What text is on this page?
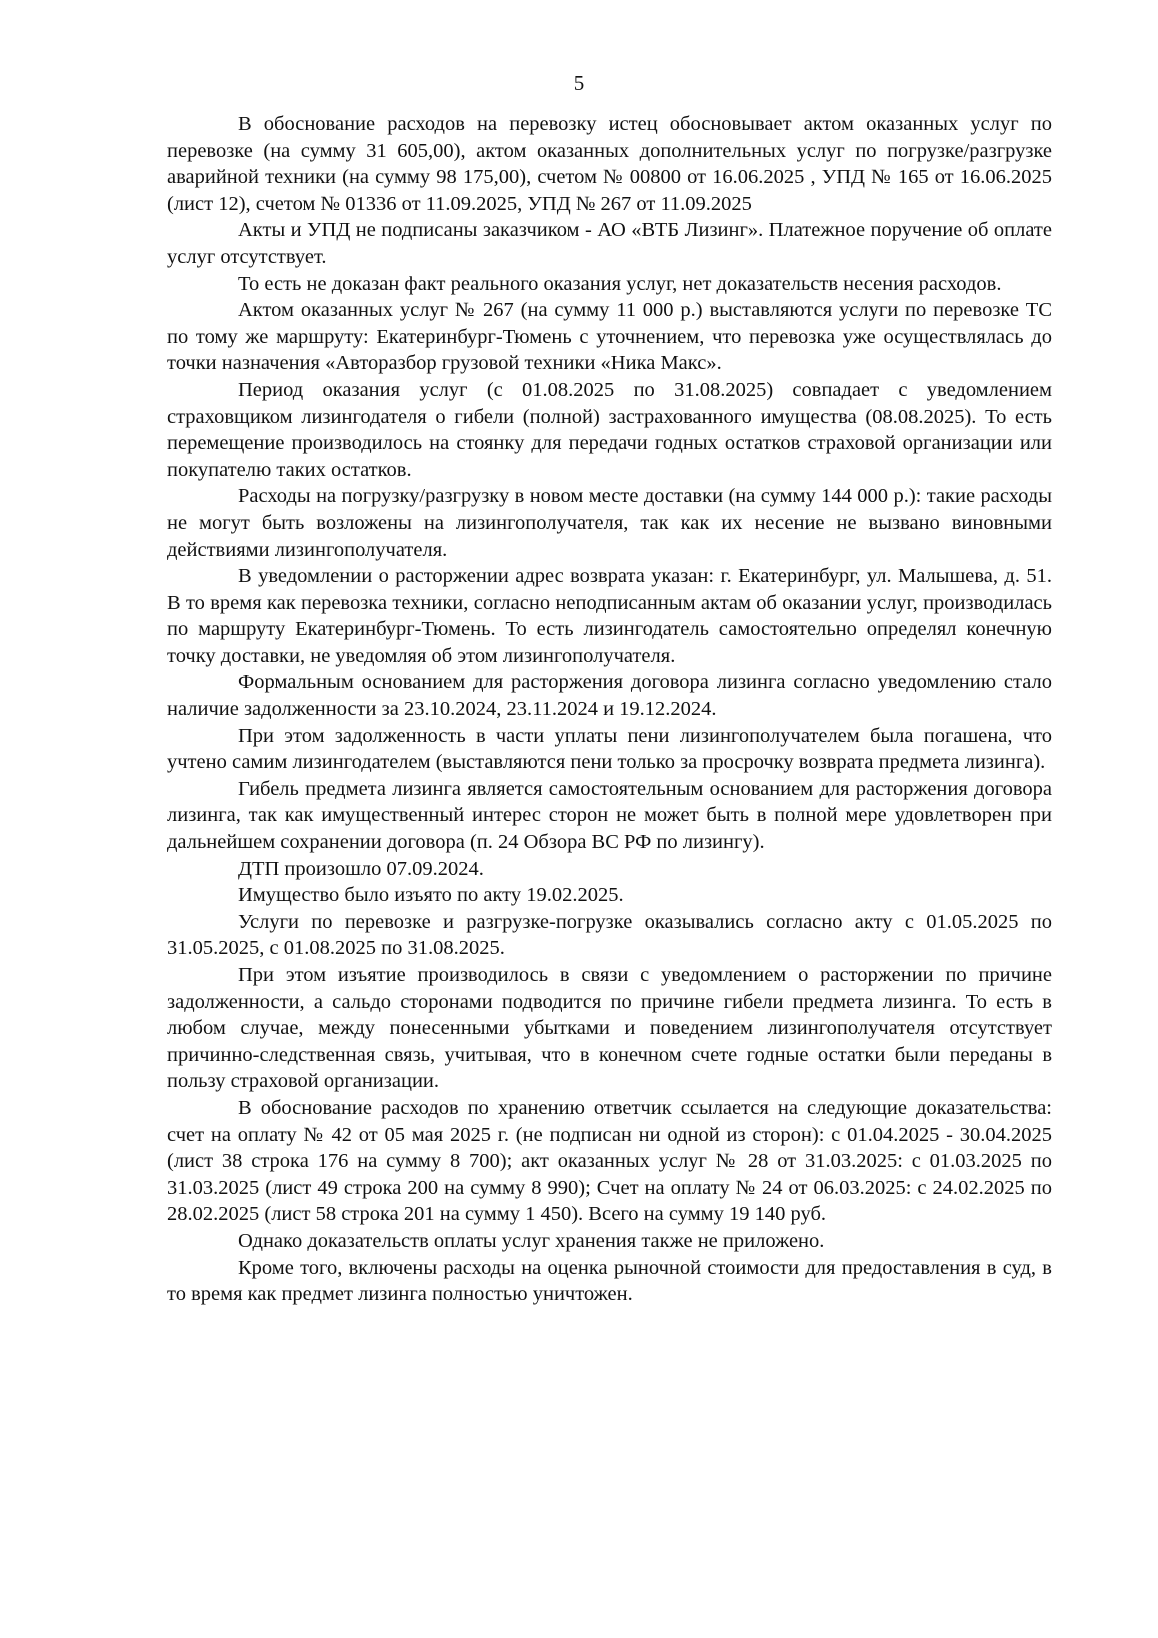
5

В обоснование расходов на перевозку истец обосновывает актом оказанных услуг по перевозке (на сумму 31 605,00), актом оказанных дополнительных услуг по погрузке/разгрузке аварийной техники (на сумму 98 175,00), счетом № 00800 от 16.06.2025 , УПД № 165 от 16.06.2025 (лист 12), счетом № 01336 от 11.09.2025, УПД № 267 от 11.09.2025

Акты и УПД не подписаны заказчиком - АО «ВТБ Лизинг». Платежное поручение об оплате услуг отсутствует.

То есть не доказан факт реального оказания услуг, нет доказательств несения расходов.

Актом оказанных услуг № 267 (на сумму 11 000 р.) выставляются услуги по перевозке ТС по тому же маршруту: Екатеринбург-Тюмень с уточнением, что перевозка уже осуществлялась до точки назначения «Авторазбор грузовой техники «Ника Макс».

Период оказания услуг (с 01.08.2025 по 31.08.2025) совпадает с уведомлением страховщиком лизингодателя о гибели (полной) застрахованного имущества (08.08.2025). То есть перемещение производилось на стоянку для передачи годных остатков страховой организации или покупателю таких остатков.

Расходы на погрузку/разгрузку в новом месте доставки (на сумму 144 000 р.): такие расходы не могут быть возложены на лизингополучателя, так как их несение не вызвано виновными действиями лизингополучателя.

В уведомлении о расторжении адрес возврата указан: г. Екатеринбург, ул. Малышева, д. 51. В то время как перевозка техники, согласно неподписанным актам об оказании услуг, производилась по маршруту Екатеринбург-Тюмень. То есть лизингодатель самостоятельно определял конечную точку доставки, не уведомляя об этом лизингополучателя.

Формальным основанием для расторжения договора лизинга согласно уведомлению стало наличие задолженности за 23.10.2024, 23.11.2024 и 19.12.2024.

При этом задолженность в части уплаты пени лизингополучателем была погашена, что учтено самим лизингодателем (выставляются пени только за просрочку возврата предмета лизинга).

Гибель предмета лизинга является самостоятельным основанием для расторжения договора лизинга, так как имущественный интерес сторон не может быть в полной мере удовлетворен при дальнейшем сохранении договора (п. 24 Обзора ВС РФ по лизингу).

ДТП произошло 07.09.2024.

Имущество было изъято по акту 19.02.2025.

Услуги по перевозке и разгрузке-погрузке оказывались согласно акту с 01.05.2025 по 31.05.2025, с 01.08.2025 по 31.08.2025.

При этом изъятие производилось в связи с уведомлением о расторжении по причине задолженности, а сальдо сторонами подводится по причине гибели предмета лизинга. То есть в любом случае, между понесенными убытками и поведением лизингополучателя отсутствует причинно-следственная связь, учитывая, что в конечном счете годные остатки были переданы в пользу страховой организации.

В обоснование расходов по хранению ответчик ссылается на следующие доказательства: счет на оплату № 42 от 05 мая 2025 г. (не подписан ни одной из сторон): с 01.04.2025 - 30.04.2025 (лист 38 строка 176 на сумму 8 700); акт оказанных услуг № 28 от 31.03.2025: с 01.03.2025 по 31.03.2025 (лист 49 строка 200 на сумму 8 990); Счет на оплату № 24 от 06.03.2025: с 24.02.2025 по 28.02.2025 (лист 58 строка 201 на сумму 1 450). Всего на сумму 19 140 руб.

Однако доказательств оплаты услуг хранения также не приложено.

Кроме того, включены расходы на оценка рыночной стоимости для предоставления в суд, в то время как предмет лизинга полностью уничтожен.
